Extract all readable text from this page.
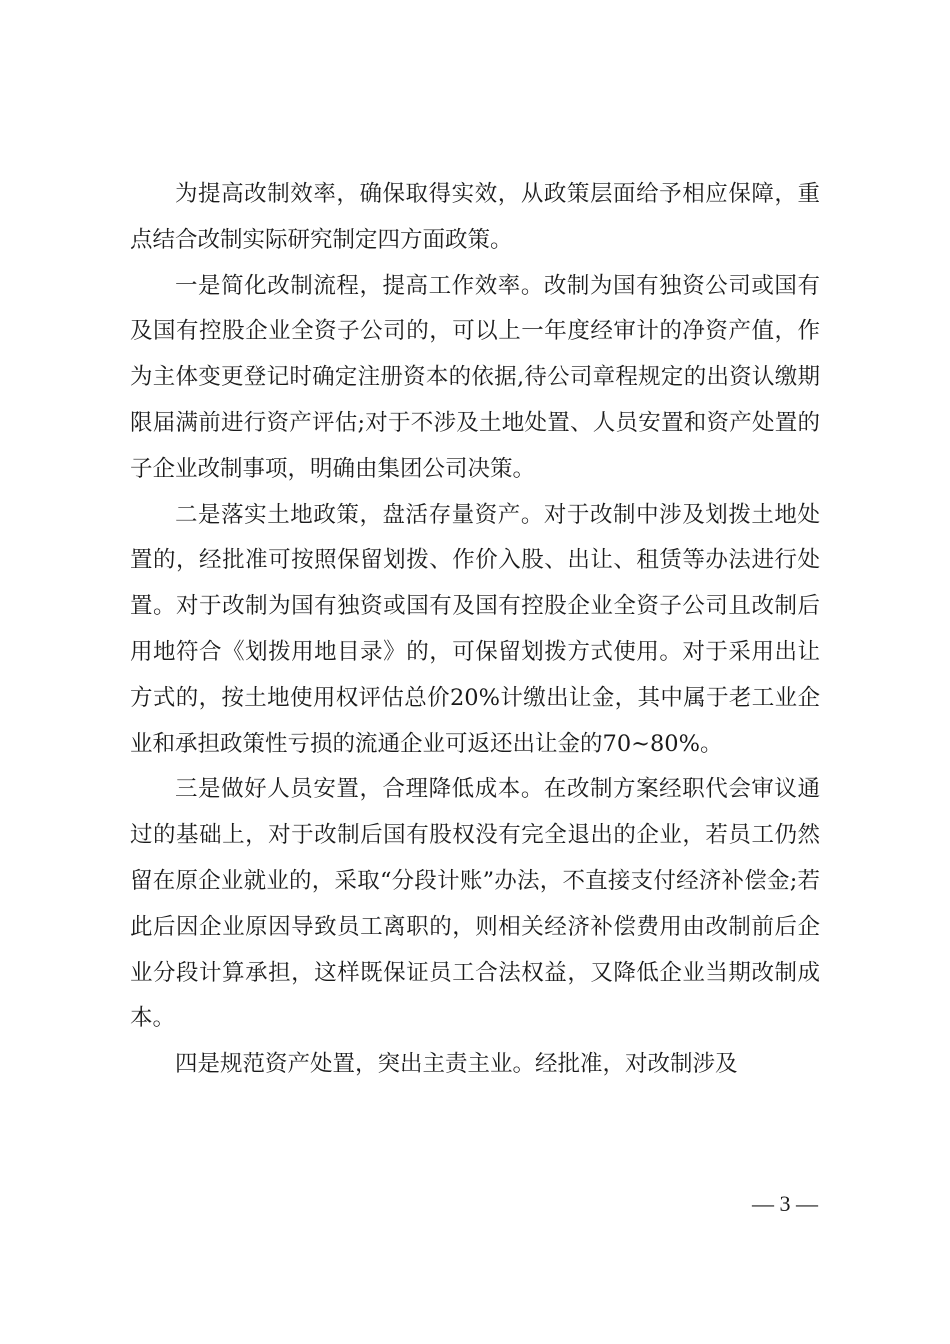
为提高改制效率，确保取得实效，从政策层面给予相应保障，重点结合改制实际研究制定四方面政策。

一是简化改制流程，提高工作效率。改制为国有独资公司或国有及国有控股企业全资子公司的，可以上一年度经审计的净资产值，作为主体变更登记时确定注册资本的依据,待公司章程规定的出资认缴期限届满前进行资产评估;对于不涉及土地处置、人员安置和资产处置的子企业改制事项，明确由集团公司决策。

二是落实土地政策，盘活存量资产。对于改制中涉及划拨土地处置的，经批准可按照保留划拨、作价入股、出让、租赁等办法进行处置。对于改制为国有独资或国有及国有控股企业全资子公司且改制后用地符合《划拨用地目录》的，可保留划拨方式使用。对于采用出让方式的，按土地使用权评估总价20%计缴出让金，其中属于老工业企业和承担政策性亏损的流通企业可返还出让金的70~80%。

三是做好人员安置，合理降低成本。在改制方案经职代会审议通过的基础上，对于改制后国有股权没有完全退出的企业，若员工仍然留在原企业就业的，采取“分段计账”办法，不直接支付经济补偿金;若此后因企业原因导致员工离职的，则相关经济补偿费用由改制前后企业分段计算承担，这样既保证员工合法权益，又降低企业当期改制成本。

四是规范资产处置，突出主责主业。经批准，对改制涉及

— 3 —
